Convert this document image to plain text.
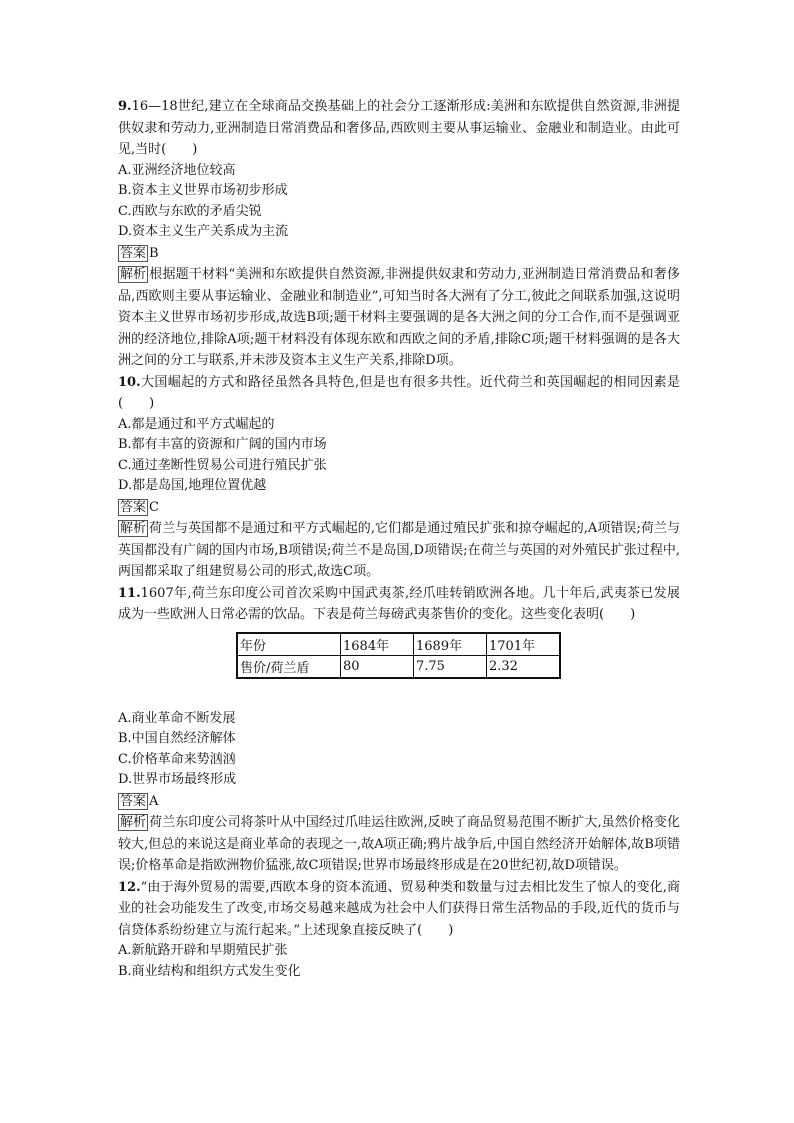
9.16—18世纪,建立在全球商品交换基础上的社会分工逐渐形成:美洲和东欧提供自然资源,非洲提供奴隶和劳动力,亚洲制造日常消费品和奢侈品,西欧则主要从事运输业、金融业和制造业。由此可见,当时(　　)

A.亚洲经济地位较高

B.资本主义世界市场初步形成

C.西欧与东欧的矛盾尖锐

D.资本主义生产关系成为主流

答案 B

解析 根据题干材料“美洲和东欧提供自然资源,非洲提供奴隶和劳动力,亚洲制造日常消费品和奢侈品,西欧则主要从事运输业、金融业和制造业”,可知当时各大洲有了分工,彼此之间联系加强,这说明资本主义世界市场初步形成,故选B项;题干材料主要强调的是各大洲之间的分工合作,而不是强调亚洲的经济地位,排除A项;题干材料没有体现东欧和西欧之间的矛盾,排除C项;题干材料强调的是各大洲之间的分工与联系,并未涉及资本主义生产关系,排除D项。

10.大国崛起的方式和路径虽然各具特色,但是也有很多共性。近代荷兰和英国崛起的相同因素是(　　)

A.都是通过和平方式崛起的

B.都有丰富的资源和广阔的国内市场

C.通过垄断性贸易公司进行殖民扩张

D.都是岛国,地理位置优越

答案 C

解析 荷兰与英国都不是通过和平方式崛起的,它们都是通过殖民扩张和掠夺崛起的,A项错误;荷兰与英国都没有广阔的国内市场,B项错误;荷兰不是岛国,D项错误;在荷兰与英国的对外殖民扩张过程中,两国都采取了组建贸易公司的形式,故选C项。

11.1607年,荷兰东印度公司首次采购中国武夷茶,经爪哇转销欧洲各地。几十年后,武夷茶已发展成为一些欧洲人日常必需的饮品。下表是荷兰每磅武夷茶售价的变化。这些变化表明(　　)

年份	1684年	1689年	1701年
售价/荷兰盾	80	7.75	2.32

A.商业革命不断发展

B.中国自然经济解体

C.价格革命来势汹汹

D.世界市场最终形成

答案 A

解析 荷兰东印度公司将茶叶从中国经过爪哇运往欧洲,反映了商品贸易范围不断扩大,虽然价格变化较大,但总的来说这是商业革命的表现之一,故A项正确;鸦片战争后,中国自然经济开始解体,故B项错误;价格革命是指欧洲物价猛涨,故C项错误;世界市场最终形成是在20世纪初,故D项错误。

12.“由于海外贸易的需要,西欧本身的资本流通、贸易种类和数量与过去相比发生了惊人的变化,商业的社会功能发生了改变,市场交易越来越成为社会中人们获得日常生活物品的手段,近代的货币与信贷体系纷纷建立与流行起来。”上述现象直接反映了(　　)

A.新航路开辟和早期殖民扩张

B.商业结构和组织方式发生变化
